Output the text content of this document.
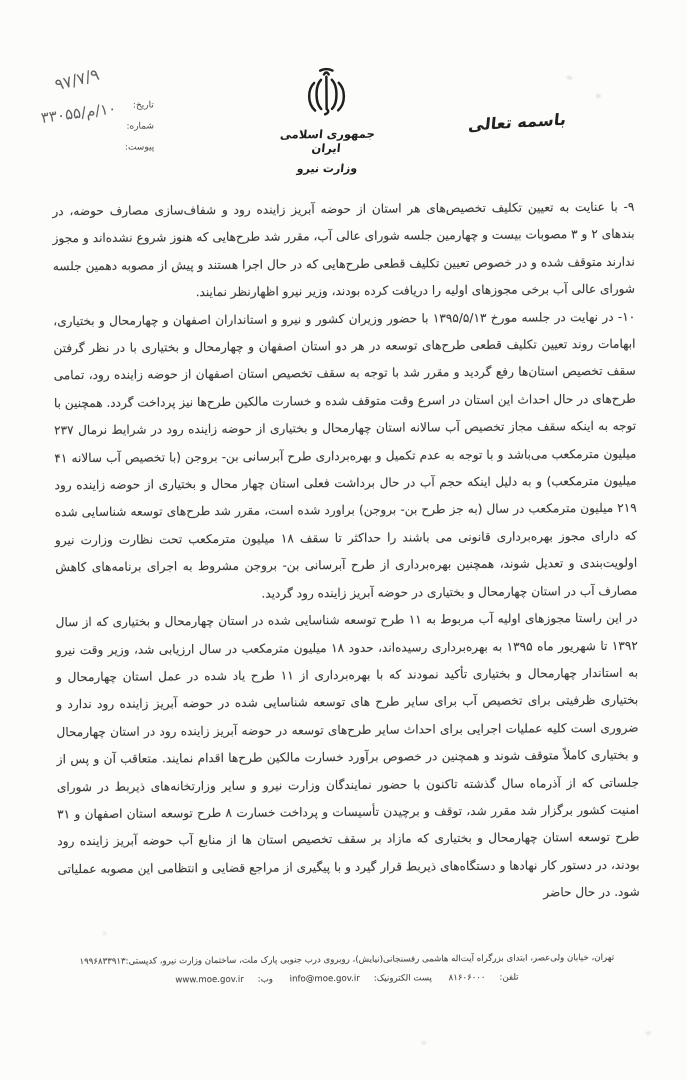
۹۷/۷/۹
۱۰/م/۳۳۰۵۵	تاریخ:
شماره:
پیوست:
جمهوری اسلامی ایران
وزارت نیرو
باسمه تعالی

۹- با عنایت به تعیین تکلیف تخصیص‌های هر استان از حوضه آبریز زاینده رود و شفاف‌سازی مصارف حوضه، در بندهای ۲ و ۳ مصوبات بیست و چهارمین جلسه شورای عالی آب، مقرر شد طرح‌هایی که هنوز شروع نشده‌اند و مجوز ندارند متوقف شده و در خصوص تعیین تکلیف قطعی طرح‌هایی که در حال اجرا هستند و پیش از مصوبه دهمین جلسه شورای عالی آب برخی مجوزهای اولیه را دریافت کرده بودند، وزیر نیرو اظهارنظر نمایند.

۱۰- در نهایت در جلسه مورخ ۱۳۹۵/۵/۱۳ با حضور وزیران کشور و نیرو و استانداران اصفهان و چهارمحال و بختیاری، ابهامات روند تعیین تکلیف قطعی طرح‌های توسعه در هر دو استان اصفهان و چهارمحال و بختیاری با در نظر گرفتن سقف تخصیص استان‌ها رفع گردید و مقرر شد با توجه به سقف تخصیص استان اصفهان از حوضه زاینده رود، تمامی طرح‌های در حال احداث این استان در اسرع وقت متوقف شده و خسارت مالکین طرح‌ها نیز پرداخت گردد. همچنین با توجه به اینکه سقف مجاز تخصیص آب سالانه استان چهارمحال و بختیاری از حوضه زاینده رود در شرایط نرمال ۲۳۷ میلیون مترمکعب می‌باشد و با توجه به عدم تکمیل و بهره‌برداری طرح آبرسانی بن- بروجن (با تخصیص آب سالانه ۴۱ میلیون مترمکعب) و به دلیل اینکه حجم آب در حال برداشت فعلی استان چهار محال و بختیاری از حوضه زاینده رود ۲۱۹ میلیون مترمکعب در سال (به جز طرح بن- بروجن) براورد شده است، مقرر شد طرح‌های توسعه شناسایی شده که دارای مجوز بهره‌برداری قانونی می باشند را حداکثر تا سقف ۱۸ میلیون مترمکعب تحت نظارت وزارت نیرو اولویت‌بندی و تعدیل شوند، همچنین بهره‌برداری از طرح آبرسانی بن- بروجن مشروط به اجرای برنامه‌های کاهش مصارف آب در استان چهارمحال و بختیاری در حوضه آبریز زاینده رود گردید.

در این راستا مجوزهای اولیه آب مربوط به ۱۱ طرح توسعه شناسایی شده در استان چهارمحال و بختیاری که از سال ۱۳۹۲ تا شهریور ماه ۱۳۹۵ به بهره‌برداری رسیده‌اند، حدود ۱۸ میلیون مترمکعب در سال ارزیابی شد، وزیر وقت نیرو به استاندار چهارمحال و بختیاری تأکید نمودند که با بهره‌برداری از ۱۱ طرح یاد شده در عمل استان چهارمحال و بختیاری ظرفیتی برای تخصیص آب برای سایر طرح های توسعه شناسایی شده در حوضه آبریز زاینده رود ندارد و ضروری است کلیه عملیات اجرایی برای احداث سایر طرح‌های توسعه در حوضه آبریز زاینده رود در استان چهارمحال و بختیاری کاملاً متوقف شوند و همچنین در خصوص برآورد خسارت مالکین طرح‌ها اقدام نمایند. متعاقب آن و پس از جلساتی که از آذرماه سال گذشته تاکنون با حضور نمایندگان وزارت نیرو و سایر وزارتخانه‌های ذیربط در شورای امنیت کشور برگزار شد مقرر شد، توقف و برچیدن تأسیسات و پرداخت خسارت ۸ طرح توسعه استان اصفهان و ۳۱ طرح توسعه استان چهارمحال و بختیاری که مازاد بر سقف تخصیص استان ها از منابع آب حوضه آبریز زاینده رود بودند، در دستور کار نهادها و دستگاه‌های ذیربط قرار گیرد و با پیگیری از مراجع قضایی و انتظامی این مصوبه عملیاتی شود. در حال حاضر

تهران، خیابان ولی‌عصر، ابتدای بزرگراه آیت‌اله هاشمی رفسنجانی(نیایش)، روبروی درب جنوبی پارک ملت، ساختمان وزارت نیرو، کدپستی:۱۹۹۶۸۳۳۹۱۳
تلفن:۸۱۶۰۶۰۰۰ پست الکترونیک:info@moe.gov.ir وب:www.moe.gov.ir
